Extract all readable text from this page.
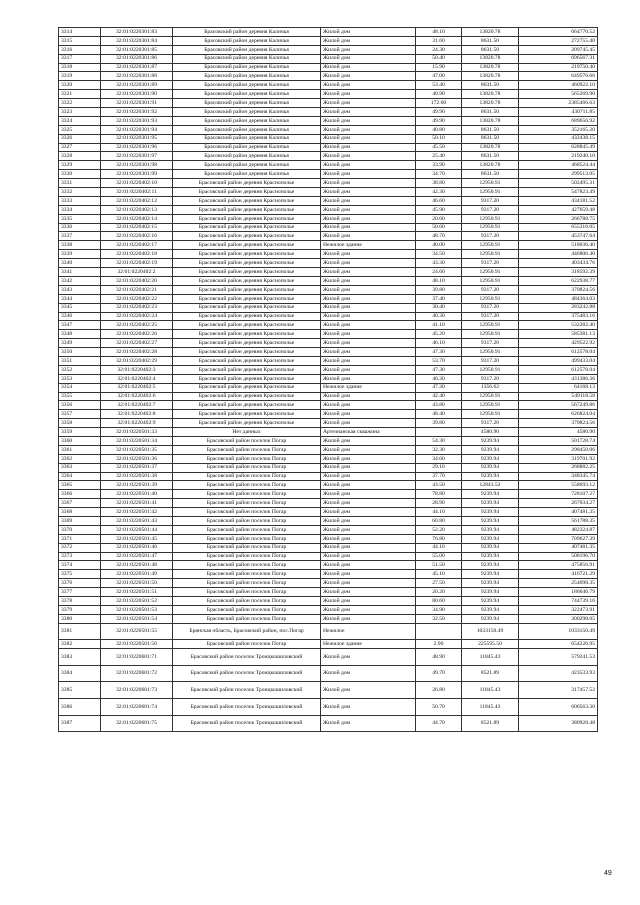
3314	32:01:0220301:83	Брасовский район деревня Каличья	Жилой дом	48.10	13820.78	664770.52
3315	32:01:0220301:84	Брасовский район деревня Каличья	Жилой дом	31.60	8631.50	272755.40
3316	32:01:0220301:85	Брасовский район деревня Каличья	Жилой дом	24.30	8631.50	209745.45
3317	32:01:0220301:86	Брасовский район деревня Каличья	Жилой дом	50.40	13820.78	696567.31
3318	32:01:0220301:87	Брасовский район деревня Каличья	Жилой дом	15.90	13820.78	219750.40
3319	32:01:0220301:88	Брасовский район деревня Каличья	Жилой дом	47.00	13820.78	649576.66
3320	32:01:0220301:89	Брасовский район деревня Каличья	Жилой дом	53.40	8631.50	460922.10
3321	32:01:0220301:90	Брасовский район деревня Каличья	Жилой дом	40.90	13820.78	565269.90
3322	32:01:0220301:91	Брасовский район деревня Каличья	Жилой дом	172.60	13820.78	2385466.63
3323	32:01:0220301:92	Брасовский район деревня Каличья	Жилой дом	49.90	8631.50	430711.85
3324	32:01:0220301:93	Брасовский район деревня Каличья	Жилой дом	49.90	13820.78	689656.92
3325	32:01:0220301:94	Брасовский район деревня Каличья	Жилой дом	40.80	8631.50	352165.20
3326	32:01:0220301:95	Брасовский район деревня Каличья	Жилой дом	50.10	8631.50	432438.15
3327	32:01:0220301:96	Брасовский район деревня Каличья	Жилой дом	45.50	13820.78	628845.49
3328	32:01:0220301:97	Брасовский район деревня Каличья	Жилой дом	25.40	8631.50	219240.10
3329	32:01:0220301:98	Брасовский район деревня Каличья	Жилой дом	33.90	13820.78	468524.44
3330	32:01:0220301:99	Брасовский район деревня Каличья	Жилой дом	34.70	8631.50	299513.05
3331	32:01:0220402:10	Брасовский район деревня Краснополье	Жилой дом	38.80	12950.91	502495.31
3332	32:01:0220402:11	Брасовский район деревня Краснополье	Жилой дом	42.30	12950.91	547823.49
3333	32:01:0220402:12	Брасовский район деревня Краснополье	Жилой дом	46.60	9317.20	434181.52
3334	32:01:0220402:13	Брасовский район деревня Краснополье	Жилой дом	45.90	9317.20	427659.48
3335	32:01:0220402:14	Брасовский район деревня Краснополье	Жилой дом	20.60	12950.91	266788.75
3336	32:01:0220402:15	Брасовский район деревня Краснополье	Жилой дом	50.60	12950.91	655316.05
3337	32:01:0220402:16	Брасовский район деревня Краснополье	Жилой дом	48.70	9317.20	453747.64
3338	32:01:0220402:17	Брасовский район деревня Краснополье	Нежилое здание	40.00	12950.91	518036.40
3339	32:01:0220402:18	Брасовский район деревня Краснополье	Жилой дом	34.50	12950.91	446806.40
3340	32:01:0220402:19	Брасовский район деревня Краснополье	Жилой дом	43.30	9317.20	403434.76
3341	32:01:0220402:2	Брасовский район деревня Краснополье	Жилой дом	24.60	12950.91	318592.39
3342	32:01:0220402:20	Брасовский район деревня Краснополье	Жилой дом	48.10	12950.91	622938.77
3343	32:01:0220402:21	Брасовский район деревня Краснополье	Жилой дом	39.80	9317.20	370824.56
3344	32:01:0220402:22	Брасовский район деревня Краснополье	Жилой дом	37.40	12950.91	484364.03
3345	32:01:0220402:23	Брасовский район деревня Краснополье	Жилой дом	30.40	9317.20	283242.88
3346	32:01:0220402:24	Брасовский район деревня Краснополье	Жилой дом	40.30	9317.20	375483.16
3347	32:01:0220402:25	Брасовский район деревня Краснополье	Жилой дом	41.10	12950.91	532282.40
3348	32:01:0220402:26	Брасовский район деревня Краснополье	Жилой дом	45.20	12950.91	585381.13
3349	32:01:0220402:27	Брасовский район деревня Краснополье	Жилой дом	46.10	9317.20	429522.92
3350	32:01:0220402:28	Брасовский район деревня Краснополье	Жилой дом	47.30	12950.91	612578.04
3351	32:01:0220402:29	Брасовский район деревня Краснополье	Жилой дом	53.70	9317.20	499433.04
3352	32:01:0220402:3	Брасовский район деревня Краснополье	Жилой дом	47.30	12950.91	612578.04
3353	32:01:0220402:4	Брасовский район деревня Краснополье	Жилой дом	46.30	9317.20	431386.36
3354	32:01:0220402:5	Брасовский район деревня Краснополье	Нежилое здание	47.30	1356.62	64168.13
3355	32:01:0220402:6	Брасовский район деревня Краснополье	Жилой дом	42.40	12950.91	549118.58
3356	32:01:0220402:7	Брасовский район деревня Краснополье	Жилой дом	43.80	12950.91	567249.86
3357	32:01:0220402:8	Брасовский район деревня Краснополье	Жилой дом	48.40	12950.91	626824.04
3358	32:01:0220402:9	Брасовский район деревня Краснополье	Жилой дом	39.80	9317.20	370824.56
3359	32:01:0220501:33	Нет данных	Артезианская скважина		4580.90	4580.90
3360	32:01:0220501:34	Брасовский район поселок Погар	Жилой дом	54.30	9239.94	501728.74
3361	32:01:0220501:35	Брасовский район поселок Погар	Жилой дом	32.30	9239.94	298450.06
3362	32:01:0220501:36	Брасовский район поселок Погар	Жилой дом	34.60	9239.94	319701.92
3363	32:01:0220501:37	Брасовский район поселок Погар	Жилой дом	29.10	9239.94	268882.25
3364	32:01:0220501:38	Брасовский район поселок Погар	Жилой дом	37.70	9239.94	348345.74
3365	32:01:0220501:39	Брасовский район поселок Погар	Жилой дом	43.50	12843.52	558693.12
3366	32:01:0220501:40	Брасовский район поселок Погар	Жилой дом	78.80	9239.94	728107.27
3367	32:01:0220501:41	Брасовский район поселок Погар	Жилой дом	28.90	9239.94	267034.27
3368	32:01:0220501:42	Брасовский район поселок Погар	Жилой дом	44.10	9239.94	407481.35
3369	32:01:0220501:43	Брасовский район поселок Погар	Жилой дом	60.80	9239.94	561788.35
3370	32:01:0220501:44	Брасовский район поселок Погар	Жилой дом	52.20	9239.94	482324.87
3371	32:01:0220501:45	Брасовский район поселок Погар	Жилой дом	76.80	9239.94	709627.39
3372	32:01:0220501:46	Брасовский район поселок Погар	Жилой дом	44.10	9239.94	407481.35
3373	32:01:0220501:47	Брасовский район поселок Погар	Жилой дом	55.00	9239.94	508196.70
3374	32:01:0220501:48	Брасовский район поселок Погар	Жилой дом	51.50	9239.94	475856.91
3375	32:01:0220501:49	Брасовский район поселок Погар	Жилой дом	45.10	9239.94	416721.29
3376	32:01:0220501:50	Брасовский район поселок Погар	Жилой дом	27.50	9239.94	254098.35
3377	32:01:0220501:51	Брасовский район поселок Погар	Жилой дом	20.20	9239.94	186646.79
3378	32:01:0220501:52	Брасовский район поселок Погар	Жилой дом	80.60	9239.94	744739.16
3379	32:01:0220501:53	Брасовский район поселок Погар	Жилой дом	34.90	9239.94	322473.91
3380	32:01:0220501:54	Брасовский район поселок Погар	Жилой дом	32.50	9239.94	300298.05
3381	32:01:0220501:55	Брянская область, Брасовский район, пос.Погар	Нежилое		1033150.49	1033150.49
3382	32:01:0220501:56	Брасовский район поселок Погар	Нежилое здание	2.90	225595.50	654226.95
3383	32:01:0220601:71	Брасовский район поселок Троицкошиловский	Жилой дом	48.90	11845.43	579241.53
3384	32:01:0220601:72	Брасовский район поселок Троицкошиловский	Жилой дом	49.70	8521.89	423533.93
3385	32:01:0220601:73	Брасовский район поселок Троицкошиловский	Жилой дом	26.80	11845.43	317457.52
3386	32:01:0220601:74	Брасовский район поселок Троицкошиловский	Жилой дом	50.70	11845.43	600563.30
3387	32:01:0220601:75	Брасовский район поселок Троицкошиловский	Жилой дом	44.70	8521.89	380928.48
49
